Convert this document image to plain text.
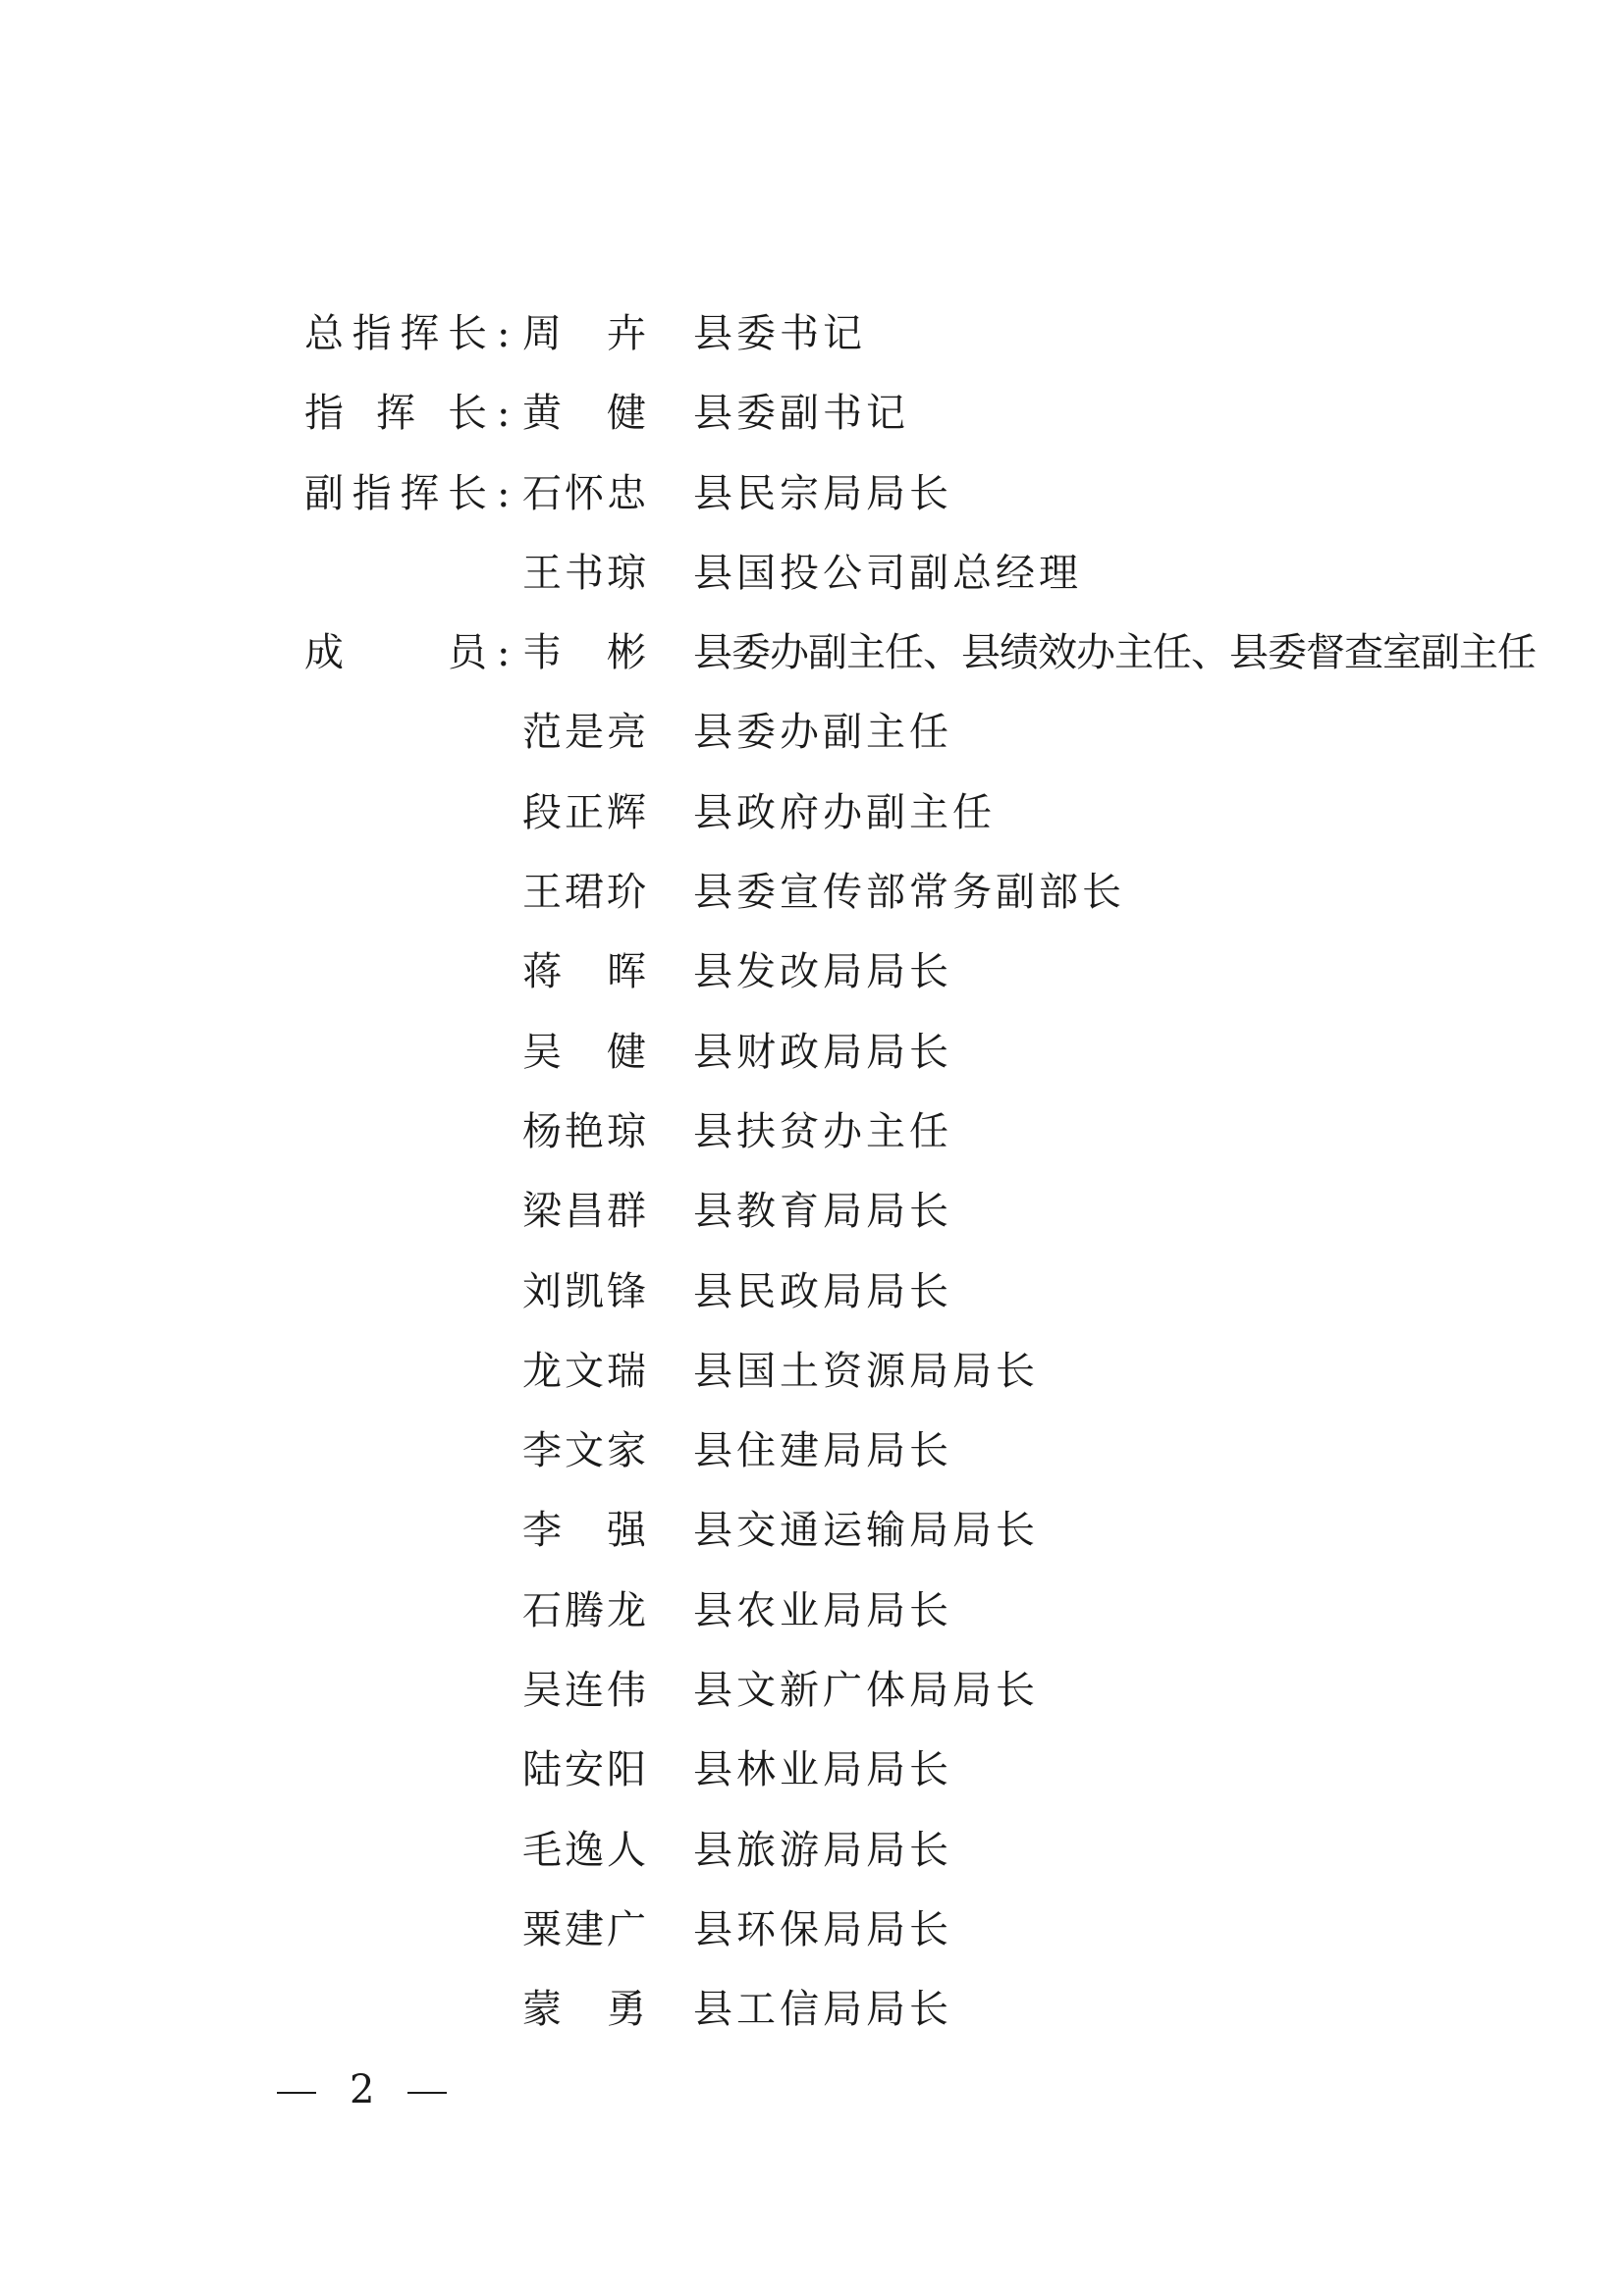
总 指 挥 长 : 周 卉 县委书记
指 挥 长 : 黄 健 县委副书记
副 指 挥 长 : 石 怀 忠 县民宗局局长
王 书 琼 县国投公司副总经理
成	员 : 韦 彬 县委办副主任、县绩效办主任、县委督查室副主任
范 是 亮 县委办副主任
段 正 辉 县政府办副主任
王 珺 玠 县委宣传部常务副部长
蒋 晖 县发改局局长
吴 健 县财政局局长
杨 艳 琼 县扶贫办主任
梁 昌 群 县教育局局长
刘 凯 锋 县民政局局长
龙 文 瑞 县国土资源局局长
李 文 家 县住建局局长
李 强 县交通运输局局长
石 腾 龙 县农业局局长
吴 连 伟 县文新广体局局长
陆 安 阳 县林业局局长
毛 逸 人 县旅游局局长
粟 建 广 县环保局局长
蒙 勇 县工信局局长
2
